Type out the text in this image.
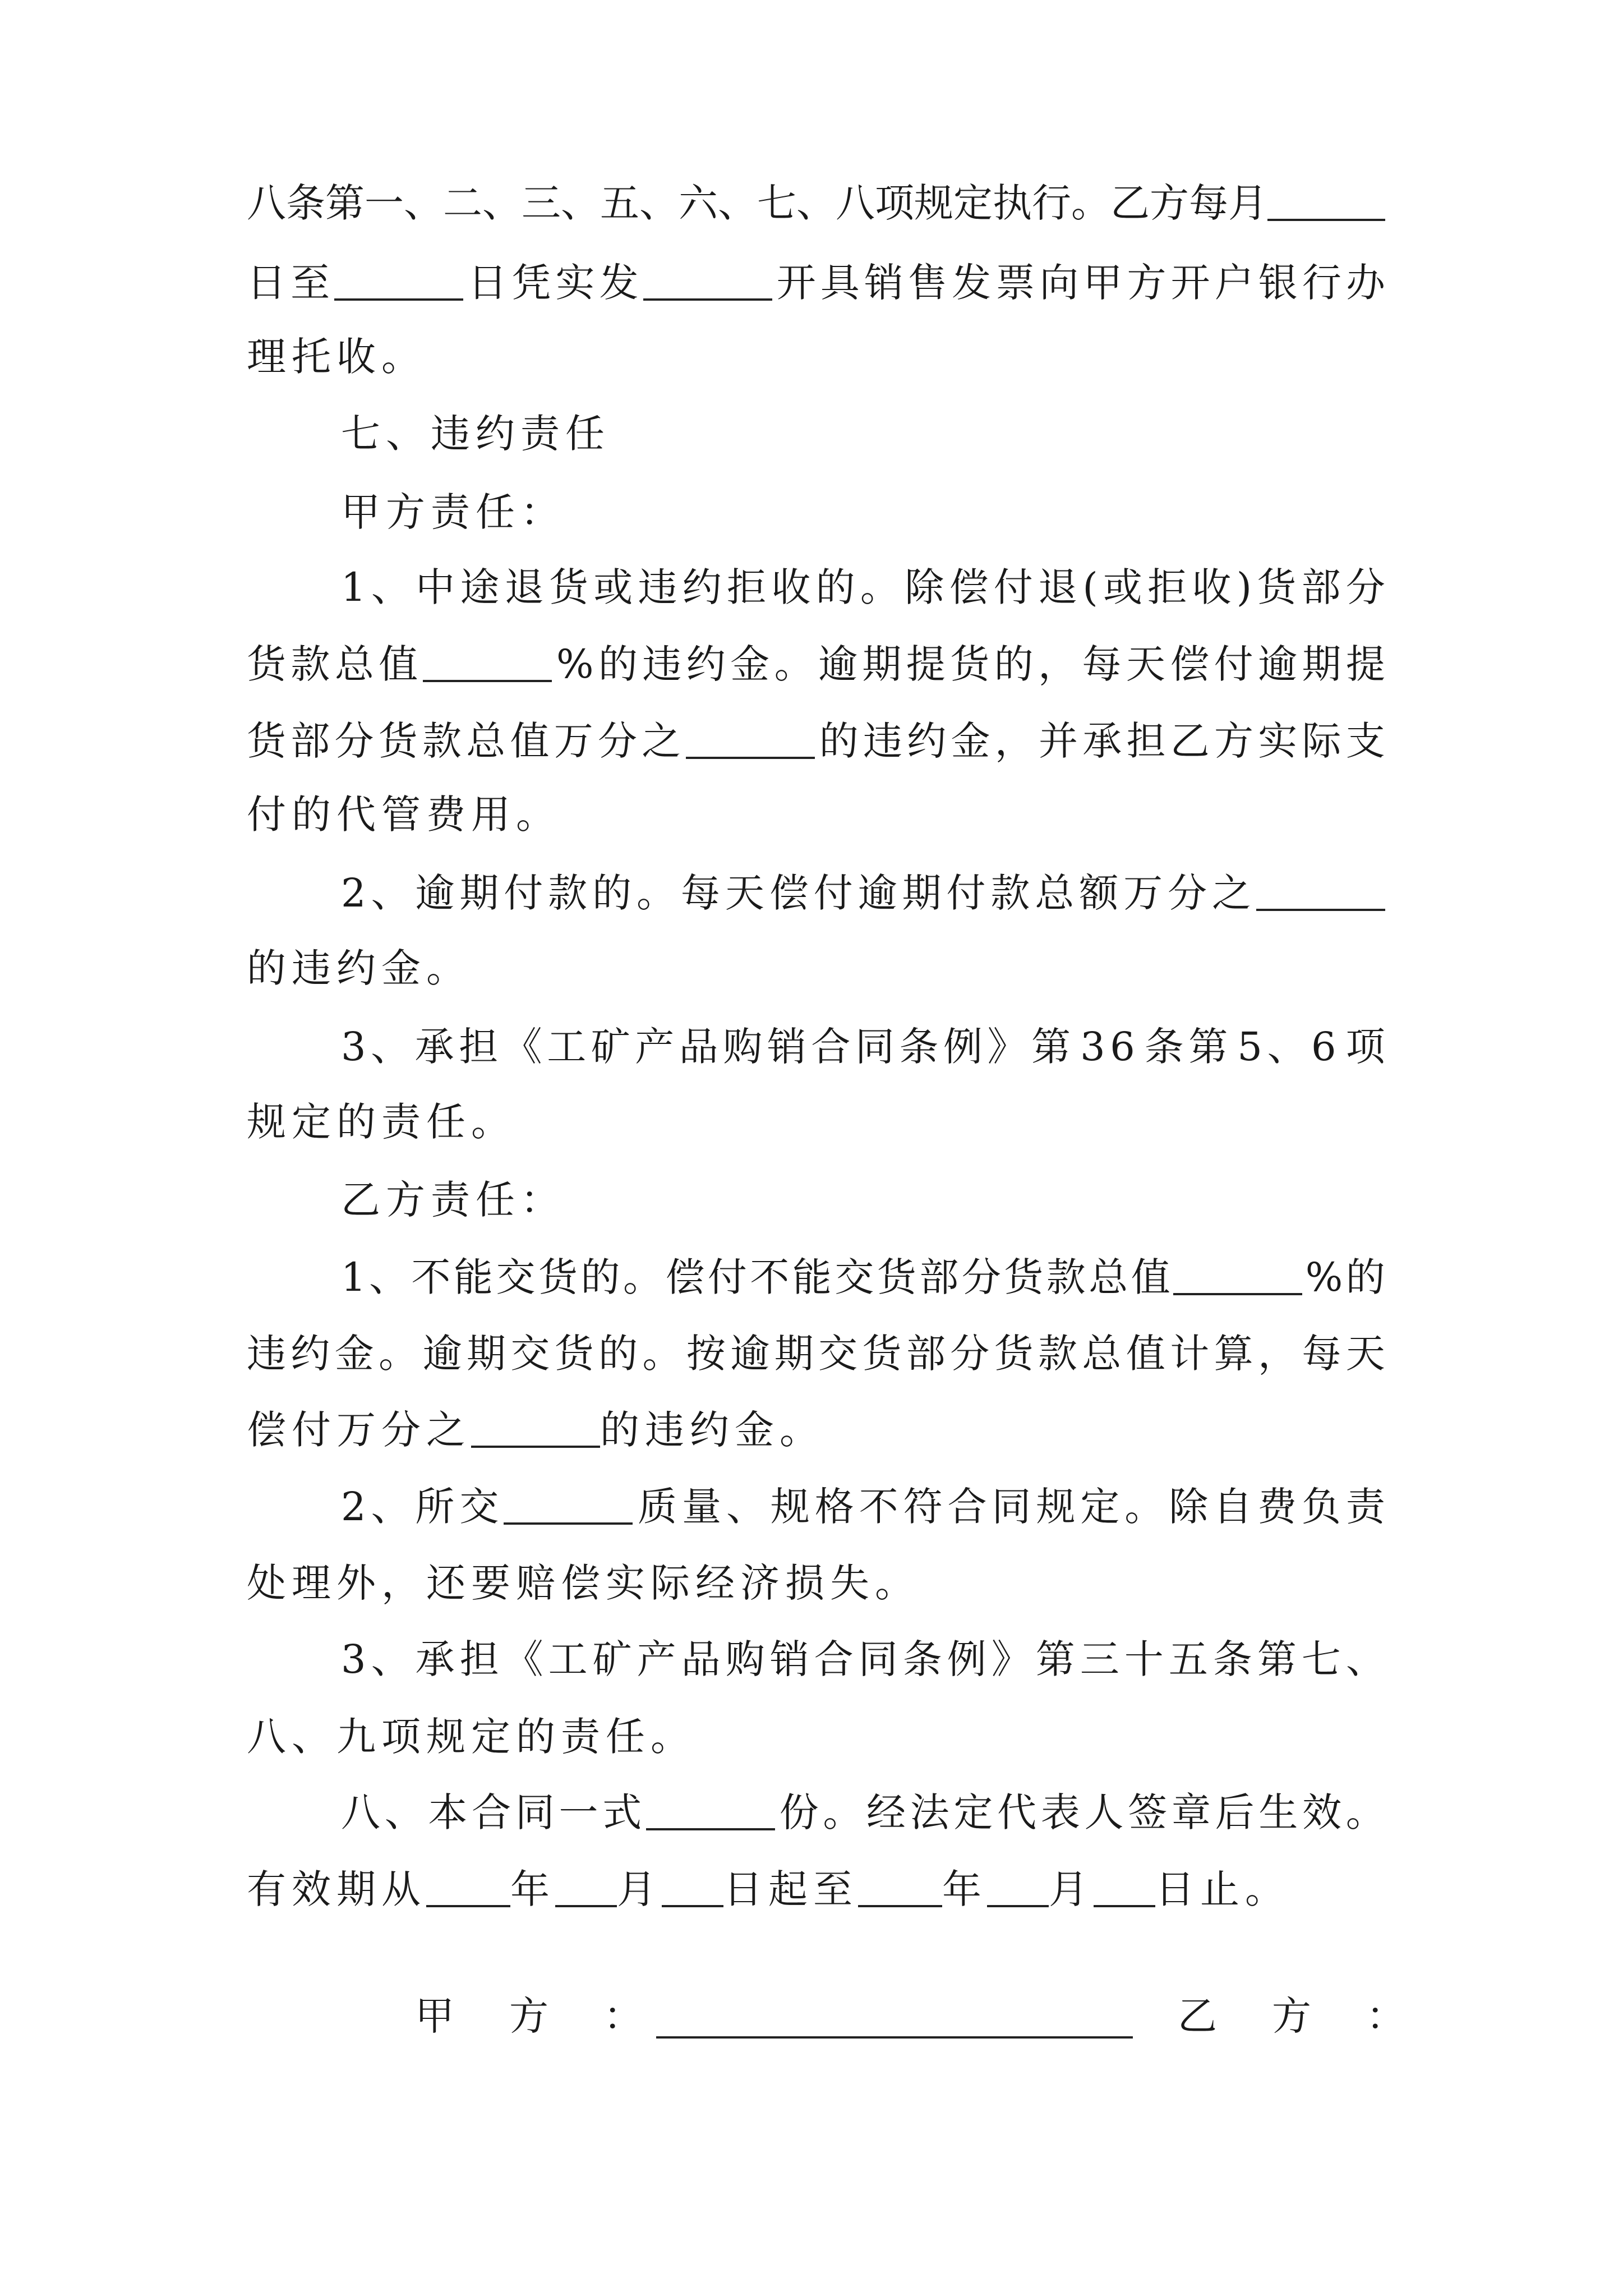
八 条 第 一 、 二 、 三 、 五 、 六 、 七 、 八 项 规 定 执 行 。 乙 方 每 月
日 至	日 凭 实 发	开 具 销 售 发 票 向 甲 方 开 户 银 行 办
理托收。
七、违约责任
甲方责任：
1 、 中 途 退 货 或 违 约 拒 收 的 。 除 偿 付 退 ( 或 拒 收 ) 货 部 分
货 款 总 值	% 的 违 约 金 。 逾 期 提 货 的 ， 每 天 偿 付 逾 期 提
货 部 分 货 款 总 值 万 分 之	的 违 约 金 ， 并 承 担 乙 方 实 际 支
付的代管费用。
2 、 逾 期 付 款 的 。 每 天 偿 付 逾 期 付 款 总 额 万 分 之
的违约金。
3 、 承 担 《 工 矿 产 品 购 销 合 同 条 例 》 第 3 6 条 第 5 、 6 项
规定的责任。
乙方责任：
1 、 不 能 交 货 的 。 偿 付 不 能 交 货 部 分 货 款 总 值	% 的
违 约 金 。 逾 期 交 货 的 。 按 逾 期 交 货 部 分 货 款 总 值 计 算 ， 每 天
偿付万分之	的违约金。
2 、 所 交	质 量 、 规 格 不 符 合 同 规 定 。 除 自 费 负 责
处理外，还要赔偿实际经济损失。
3 、 承 担 《 工 矿 产 品 购 销 合 同 条 例 》 第 三 十 五 条 第 七 、
八、九项规定的责任。
八 、 本 合 同 一 式	份 。 经 法 定 代 表 人 签 章 后 生 效 。
有效期从 年 月 日起至 年 月 日止。
甲　方　：	乙　方　：
